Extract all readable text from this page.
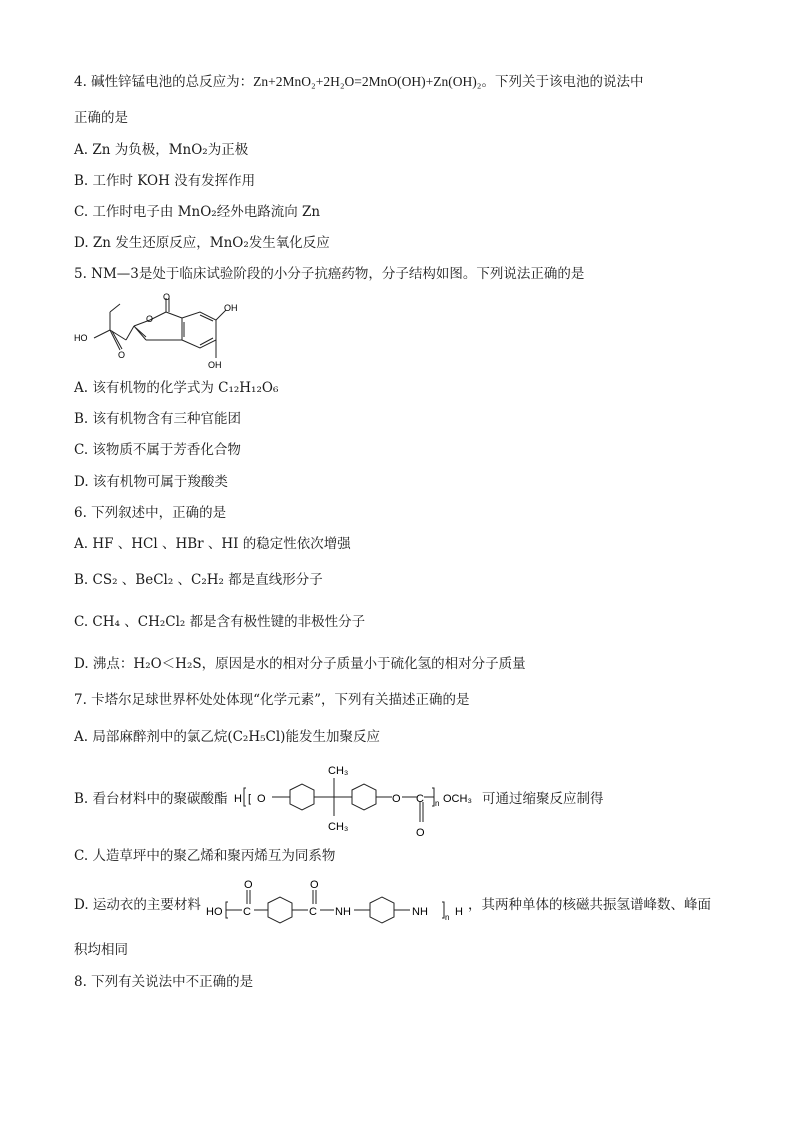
4. 碱性锌锰电池的总反应为：Zn+2MnO₂+2H₂O=2MnO(OH)+Zn(OH)₂。下列关于该电池的说法中
正确的是
A. Zn 为负极，MnO₂为正极
B. 工作时 KOH 没有发挥作用
C. 工作时电子由 MnO₂经外电路流向 Zn
D. Zn 发生还原反应，MnO₂发生氧化反应
5. NM—3是处于临床试验阶段的小分子抗癌药物，分子结构如图。下列说法正确的是
O
O
OH
OH
HO
O
A. 该有机物的化学式为 C₁₂H₁₂O₆
B. 该有机物含有三种官能团
C. 该物质不属于芳香化合物
D. 该有机物可属于羧酸类
6. 下列叙述中，正确的是
A. HF 、HCl 、HBr 、HI 的稳定性依次增强
B. CS₂ 、BeCl₂ 、C₂H₂ 都是直线形分子
C. CH₄ 、CH₂Cl₂ 都是含有极性键的非极性分子
D. 沸点：H₂O＜H₂S，原因是水的相对分子质量小于硫化氢的相对分子质量
7. 卡塔尔足球世界杯处处体现“化学元素”，下列有关描述正确的是
A. 局部麻醉剂中的氯乙烷(C₂H₅Cl)能发生加聚反应
B. 看台材料中的聚碳酸酯 H [ O
CH₃
CH₃
O C
O
n OCH₃ 可通过缩聚反应制得
C. 人造草坪中的聚乙烯和聚丙烯互为同系物
D. 运动衣的主要材料 HO C
O
C
O
NH	NH n H ，其两种单体的核磁共振氢谱峰数、峰面
积均相同
8. 下列有关说法中不正确的是
